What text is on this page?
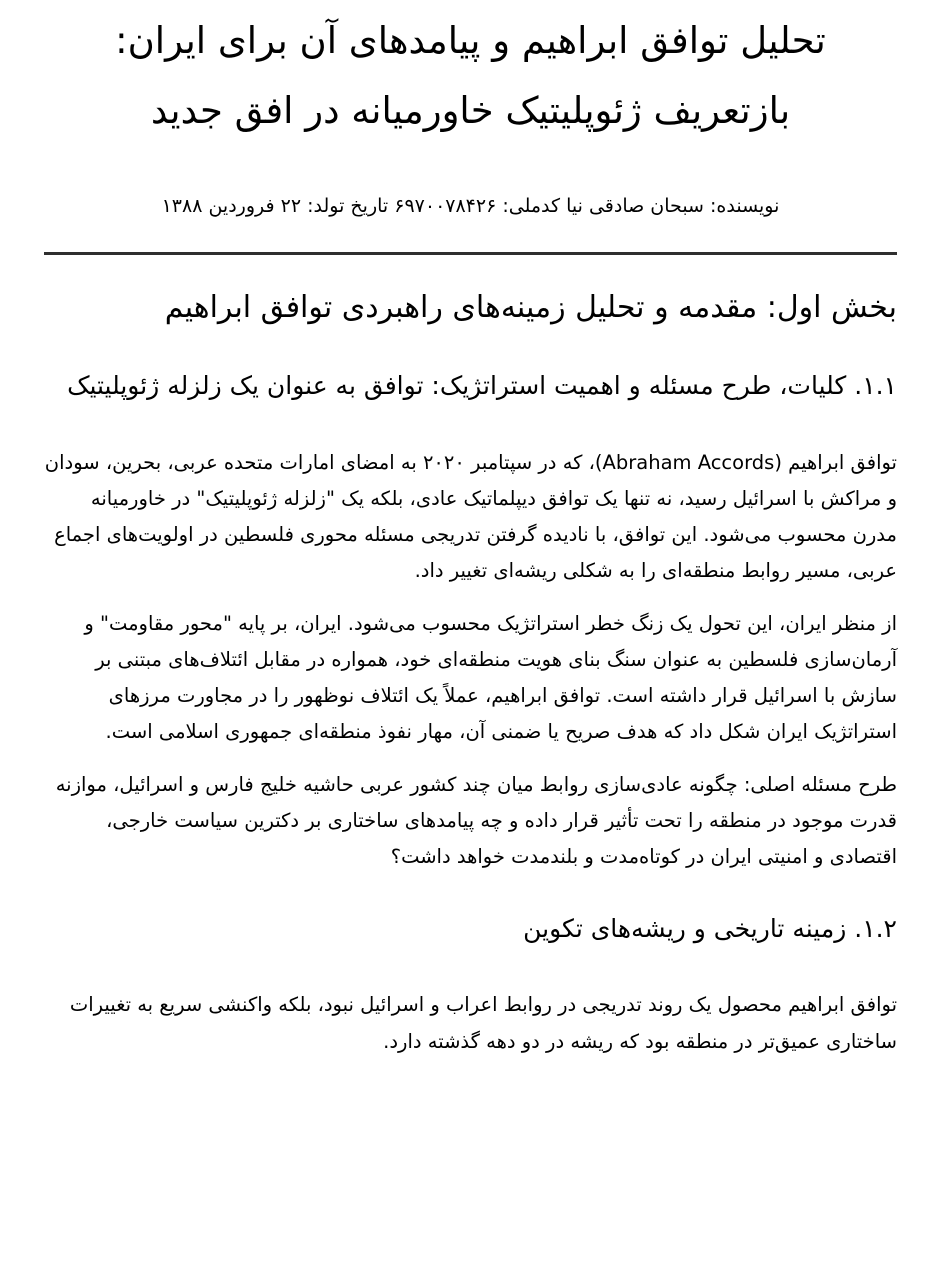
تحلیل توافق ابراهیم و پیامدهای آن برای ایران: بازتعریف ژئوپلیتیک خاورمیانه در افق جدید

نویسنده: سبحان صادقی نیا کدملی: ۶۹۷۰۰۷۸۴۲۶ تاریخ تولد: ۲۲ فروردین ۱۳۸۸

بخش اول: مقدمه و تحلیل زمینه‌های راهبردی توافق ابراهیم
۱.۱. کلیات، طرح مسئله و اهمیت استراتژیک: توافق به عنوان یک زلزله ژئوپلیتیک

توافق ابراهیم (Abraham Accords)، که در سپتامبر ۲۰۲۰ به امضای امارات متحده عربی، بحرین، سودان و مراکش با اسرائیل رسید، نه تنها یک توافق دیپلماتیک عادی، بلکه یک "زلزله ژئوپلیتیک" در خاورمیانه مدرن محسوب می‌شود. این توافق، با نادیده گرفتن تدریجی مسئله محوری فلسطین در اولویت‌های اجماع عربی، مسیر روابط منطقه‌ای را به شکلی ریشه‌ای تغییر داد.

از منظر ایران، این تحول یک زنگ خطر استراتژیک محسوب می‌شود. ایران، بر پایه "محور مقاومت" و آرمان‌سازی فلسطین به عنوان سنگ بنای هویت منطقه‌ای خود، همواره در مقابل ائتلاف‌های مبتنی بر سازش با اسرائیل قرار داشته است. توافق ابراهیم، عملاً یک ائتلاف نوظهور را در مجاورت مرزهای استراتژیک ایران شکل داد که هدف صریح یا ضمنی آن، مهار نفوذ منطقه‌ای جمهوری اسلامی است.

طرح مسئله اصلی: چگونه عادی‌سازی روابط میان چند کشور عربی حاشیه خلیج فارس و اسرائیل، موازنه قدرت موجود در منطقه را تحت تأثیر قرار داده و چه پیامدهای ساختاری بر دکترین سیاست خارجی، اقتصادی و امنیتی ایران در کوتاه‌مدت و بلندمدت خواهد داشت؟

۱.۲. زمینه تاریخی و ریشه‌های تکوین

توافق ابراهیم محصول یک روند تدریجی در روابط اعراب و اسرائیل نبود، بلکه واکنشی سریع به تغییرات ساختاری عمیق‌تر در منطقه بود که ریشه در دو دهه گذشته دارد.
